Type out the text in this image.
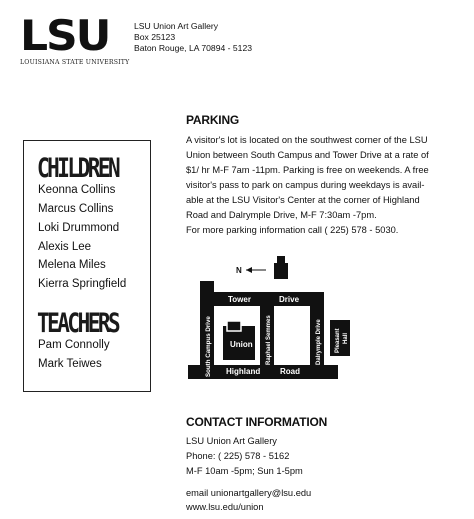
LSU
LOUISIANA STATE UNIVERSITY
LSU Union Art Gallery
Box 25123
Baton Rouge, LA 70894 - 5123
CHILDREN
Keonna Collins
Marcus Collins
Loki Drummond
Alexis Lee
Melena Miles
Kierra Springfield
TEACHERS
Pam Connolly
Mark Teiwes
PARKING
A visitor's lot is located on the southwest corner of the LSU
Union between South Campus and Tower Drive at a rate of
$1/ hr M-F 7am -11pm. Parking is free on weekends. A free
visitor's pass to park on campus during weekdays is avail-
able at the LSU Visitor's Center at the corner of Highland
Road and Dalrymple Drive, M-F 7:30am -7pm.
For more parking information call ( 225) 578 - 5030.
N
Tower	Drive
Highland Road
Union
South Campus Drive	Raphael Semmes	Dalrymple Drive Pleasant Hall
CONTACT INFORMATION
LSU Union Art Gallery
Phone: ( 225) 578 - 5162
M-F 10am -5pm; Sun 1-5pm
email unionartgallery@lsu.edu
www.lsu.edu/union
